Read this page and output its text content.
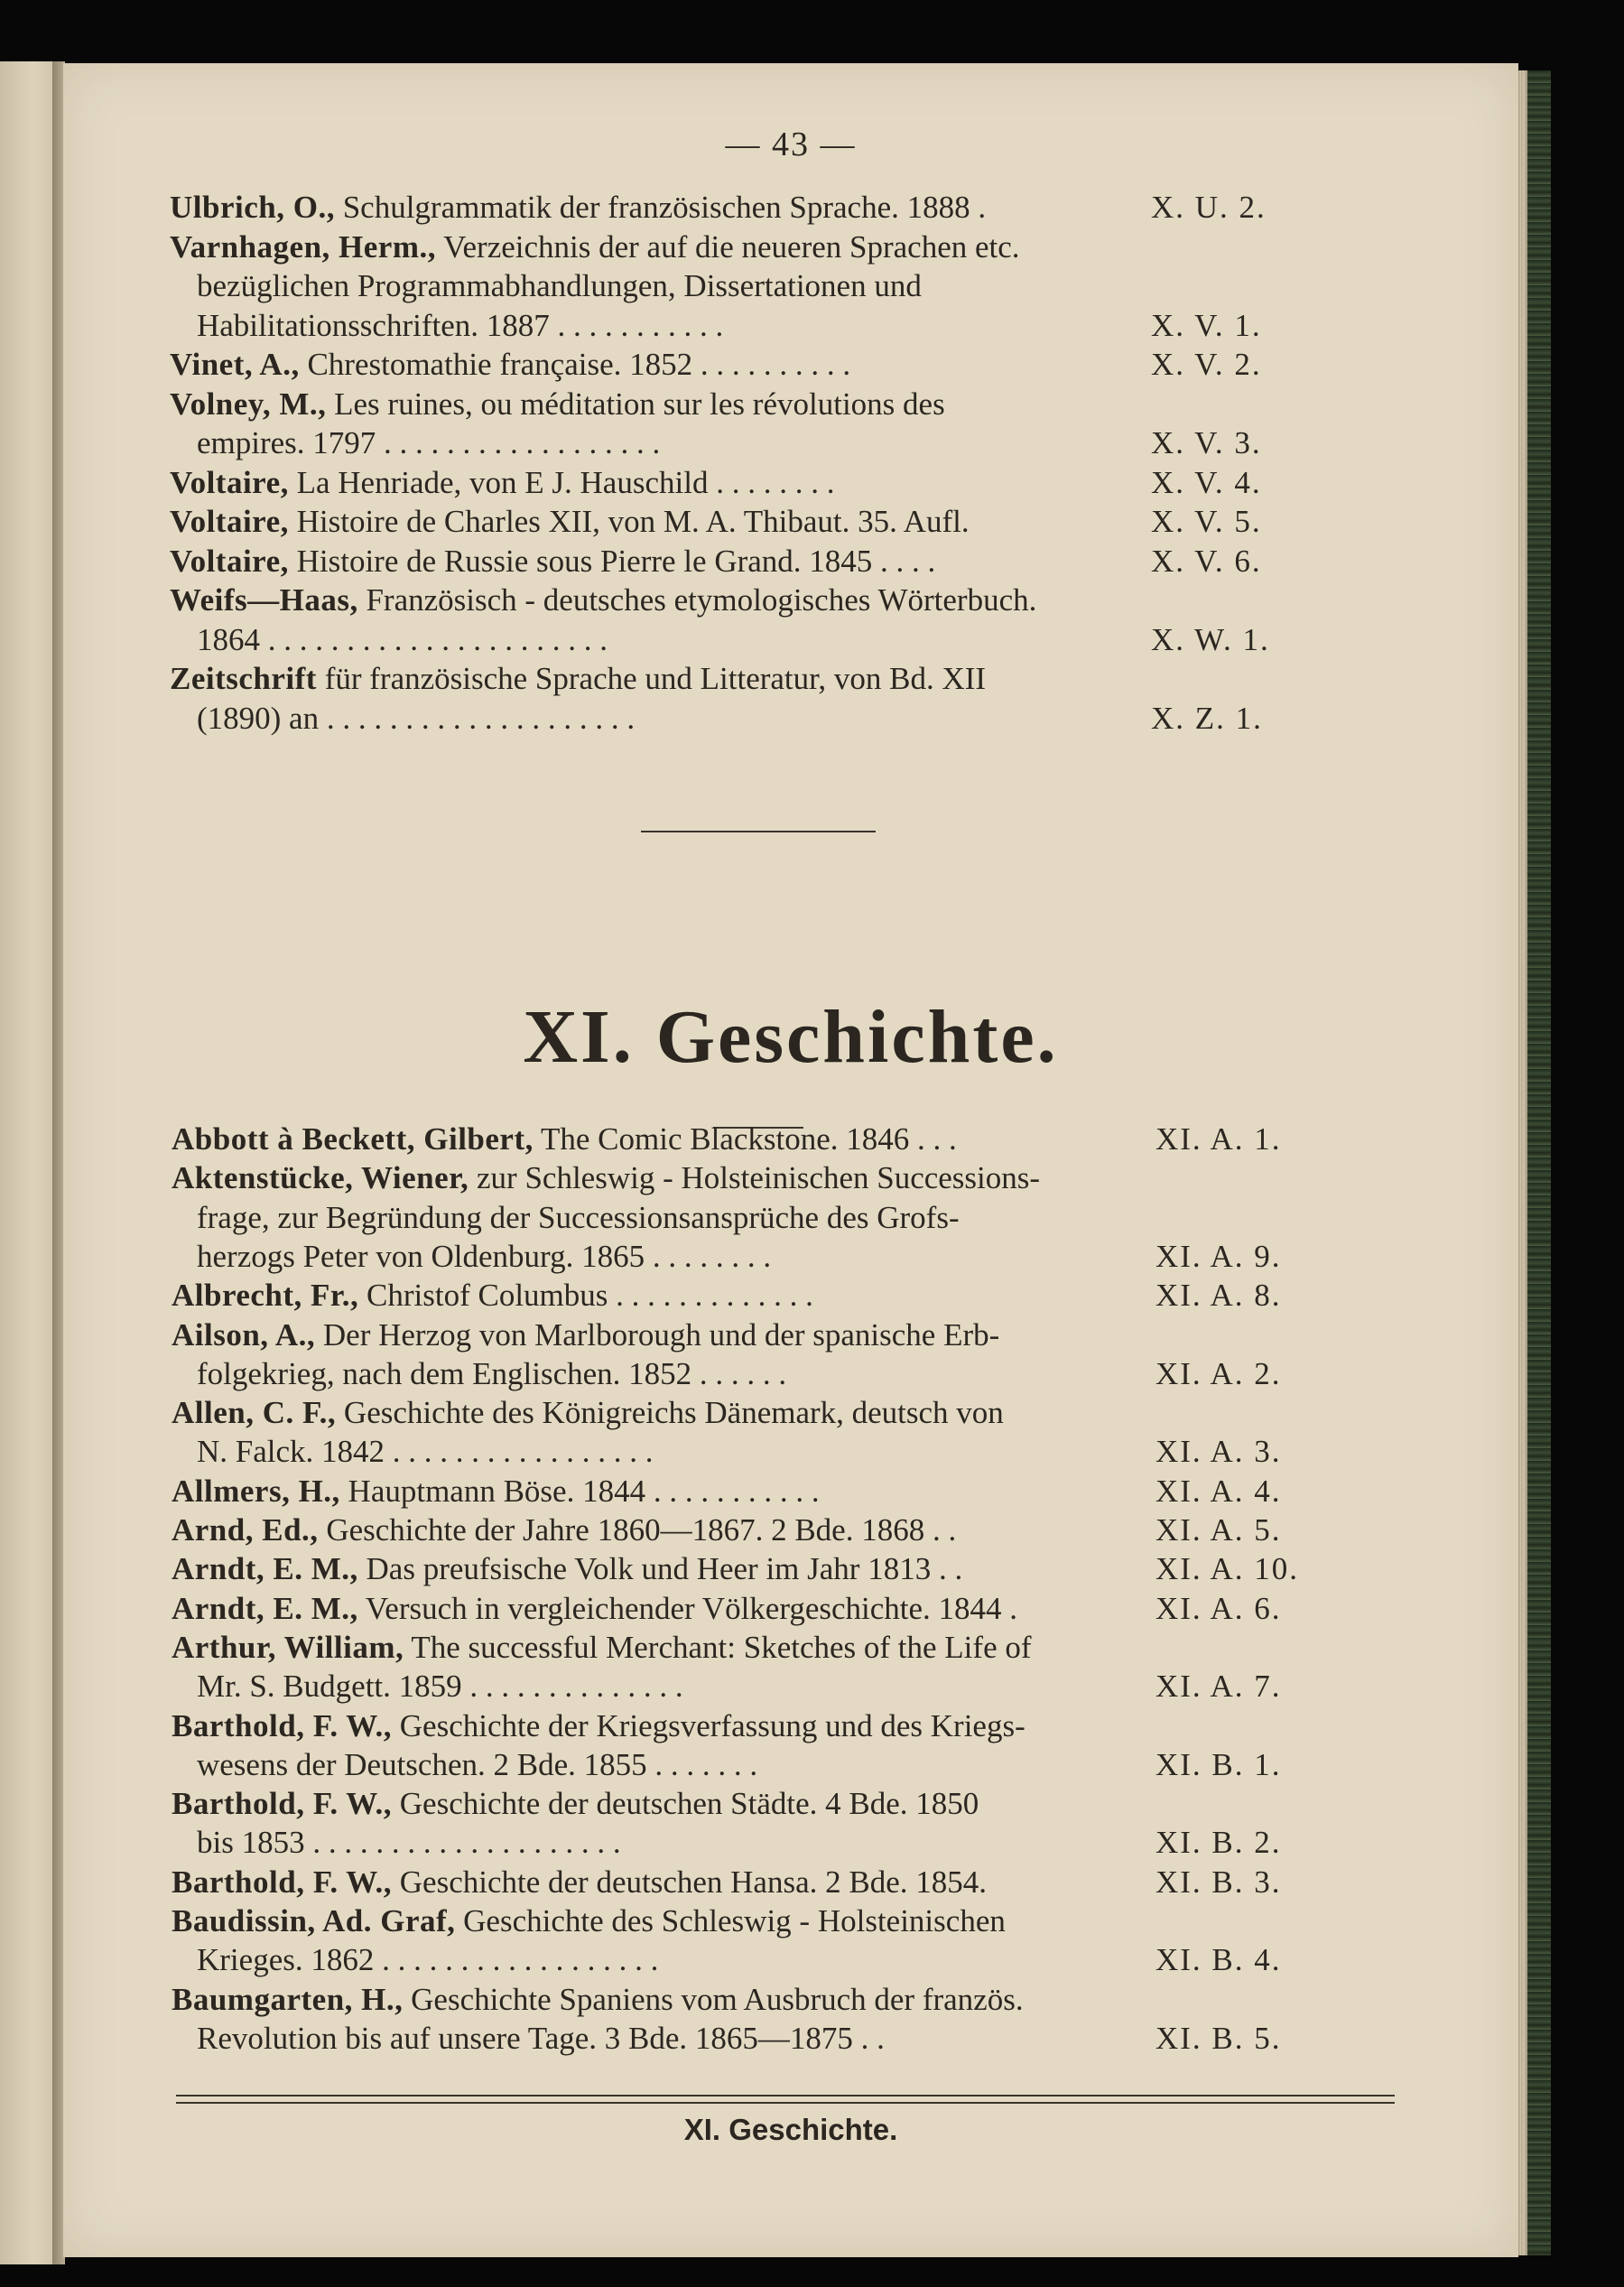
— 43 —
Ulbrich, O., Schulgrammatik der französischen Sprache. 1888 .	X. U. 2.
Varnhagen, Herm., Verzeichnis der auf die neueren Sprachen etc.
bezüglichen Programmabhandlungen, Dissertationen und
Habilitationsschriften. 1887 . . . . . . . . . . .	X. V. 1.
Vinet, A., Chrestomathie française. 1852 . . . . . . . . . .	X. V. 2.
Volney, M., Les ruines, ou méditation sur les révolutions des
empires. 1797 . . . . . . . . . . . . . . . . . .	X. V. 3.
Voltaire, La Henriade, von E J. Hauschild . . . . . . . .	X. V. 4.
Voltaire, Histoire de Charles XII, von M. A. Thibaut. 35. Aufl.	X. V. 5.
Voltaire, Histoire de Russie sous Pierre le Grand. 1845 . . . .	X. V. 6.
Weifs—Haas, Französisch - deutsches etymologisches Wörterbuch.
1864 . . . . . . . . . . . . . . . . . . . . . .	X. W. 1.
Zeitschrift für französische Sprache und Litteratur, von Bd. XII
(1890) an . . . . . . . . . . . . . . . . . . . .	X. Z. 1.
XI. Geschichte.
Abbott à Beckett, Gilbert, The Comic Blackstone. 1846 . . .	XI. A. 1.
Aktenstücke, Wiener, zur Schleswig - Holsteinischen Successions-
frage, zur Begründung der Successionsansprüche des Grofs-
herzogs Peter von Oldenburg. 1865 . . . . . . . .	XI. A. 9.
Albrecht, Fr., Christof Columbus . . . . . . . . . . . . .	XI. A. 8.
Ailson, A., Der Herzog von Marlborough und der spanische Erb-
folgekrieg, nach dem Englischen. 1852 . . . . . .	XI. A. 2.
Allen, C. F., Geschichte des Königreichs Dänemark, deutsch von
N. Falck. 1842 . . . . . . . . . . . . . . . . .	XI. A. 3.
Allmers, H., Hauptmann Böse. 1844 . . . . . . . . . . .	XI. A. 4.
Arnd, Ed., Geschichte der Jahre 1860—1867. 2 Bde. 1868 . .	XI. A. 5.
Arndt, E. M., Das preufsische Volk und Heer im Jahr 1813 . .	XI. A. 10.
Arndt, E. M., Versuch in vergleichender Völkergeschichte. 1844 .	XI. A. 6.
Arthur, William, The successful Merchant: Sketches of the Life of
Mr. S. Budgett. 1859 . . . . . . . . . . . . . .	XI. A. 7.
Barthold, F. W., Geschichte der Kriegsverfassung und des Kriegs-
wesens der Deutschen. 2 Bde. 1855 . . . . . . .	XI. B. 1.
Barthold, F. W., Geschichte der deutschen Städte. 4 Bde. 1850
bis 1853 . . . . . . . . . . . . . . . . . . . .	XI. B. 2.
Barthold, F. W., Geschichte der deutschen Hansa. 2 Bde. 1854.	XI. B. 3.
Baudissin, Ad. Graf, Geschichte des Schleswig - Holsteinischen
Krieges. 1862 . . . . . . . . . . . . . . . . . .	XI. B. 4.
Baumgarten, H., Geschichte Spaniens vom Ausbruch der französ.
Revolution bis auf unsere Tage. 3 Bde. 1865—1875 . .	XI. B. 5.
XI. Geschichte.
